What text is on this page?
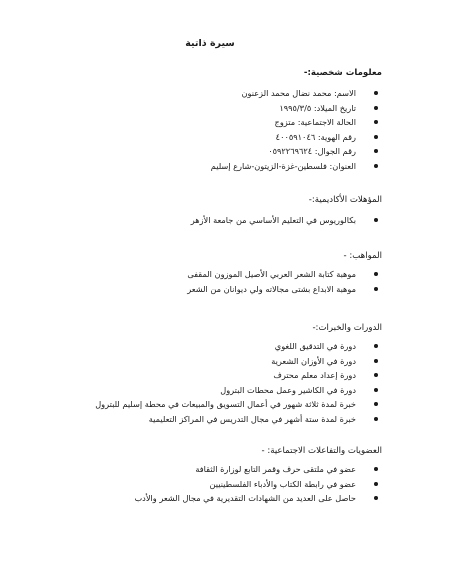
سيرة ذاتية
معلومات شخصية:-
الاسم: محمد نضال محمد الزعنون
تاريخ الميلاد: ١٩٩٥/٣/٥
الحالة الاجتماعية: متزوج
رقم الهوية: ٤٠٠٥٩١٠٤٦
رقم الجوال: ٠٥٩٢٢٦٩٦٢٤
العنوان: فلسطين-غزة-الزيتون-شارع إسليم
المؤهلات الأكاديمية:-
بكالوريوس في التعليم الأساسي من جامعة الأزهر
المواهب: -
موهبة كتابة الشعر العربي الأصيل الموزون المقفى
موهبة الابداع بشتى مجالاته ولي ديوانان من الشعر
الدورات والخبرات:-
دورة في التدقيق اللغوي
دورة في الأوزان الشعرية
دورة إعداد معلم محترف
دورة في الكاشير وعمل محطات البترول
خبرة لمدة ثلاثة شهور في أعمال التسويق والمبيعات في محطة إسليم للبترول
خبرة لمدة ستة أشهر في مجال التدريس في المراكز التعليمية
العضويات والتفاعلات الاجتماعية: -
عضو في ملتقى حرف وقمر التابع لوزارة الثقافة
عضو في رابطة الكتاب والأدباء الفلسطينيين
حاصل على العديد من الشهادات التقديرية في مجال الشعر والأدب
